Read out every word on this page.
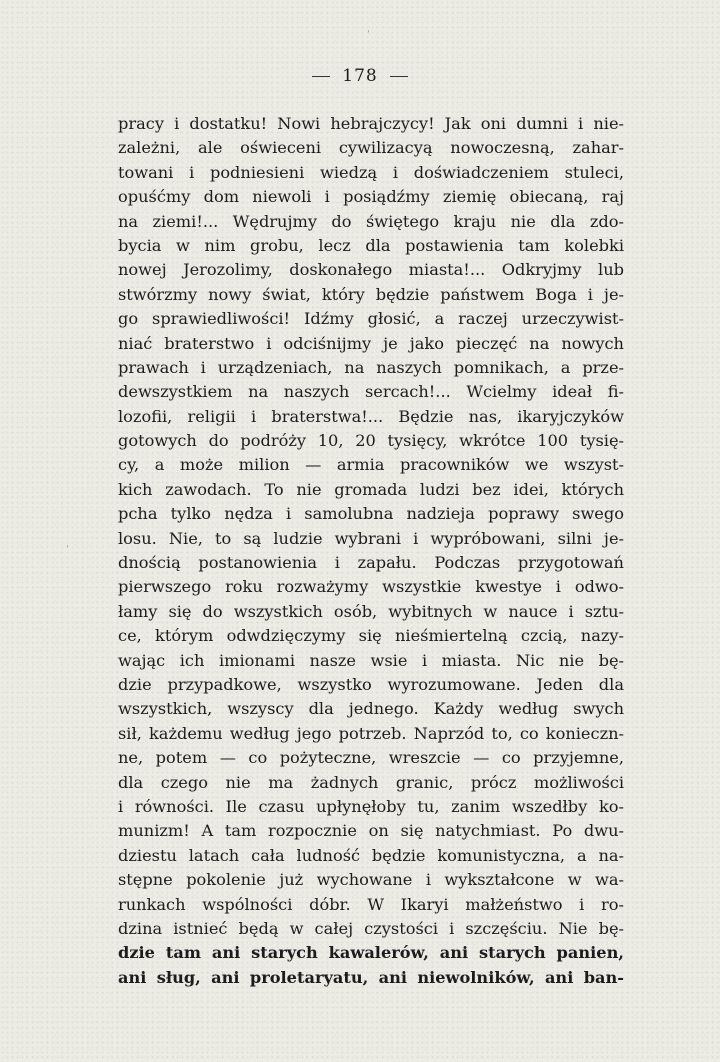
178
pracy i dostatku! Nowi hebrajczycy! Jak oni dumni i nie-
zależni, ale oświeceni cywilizacyą nowoczesną, zahar-
towani i podniesieni wiedzą i doświadczeniem stuleci,
opuśćmy dom niewoli i posiądźmy ziemię obiecaną, raj
na ziemi!... Wędrujmy do świętego kraju nie dla zdo-
bycia w nim grobu, lecz dla postawienia tam kolebki
nowej Jerozolimy, doskonałego miasta!... Odkryjmy lub
stwórzmy nowy świat, który będzie państwem Boga i je-
go sprawiedliwości! Idźmy głosić, a raczej urzeczywist-
niać braterstwo i odciśnijmy je jako pieczęć na nowych
prawach i urządzeniach, na naszych pomnikach, a prze-
dewszystkiem na naszych sercach!... Wcielmy ideał fi-
lozofii, religii i braterstwa!... Będzie nas, ikaryjczyków
gotowych do podróży 10, 20 tysięcy, wkrótce 100 tysię-
cy, a może milion — armia pracowników we wszyst-
kich zawodach. To nie gromada ludzi bez idei, których
pcha tylko nędza i samolubna nadzieja poprawy swego
losu. Nie, to są ludzie wybrani i wypróbowani, silni je-
dnością postanowienia i zapału. Podczas przygotowań
pierwszego roku rozważymy wszystkie kwestye i odwo-
łamy się do wszystkich osób, wybitnych w nauce i sztu-
ce, którym odwdzięczymy się nieśmiertelną czcią, nazy-
wając ich imionami nasze wsie i miasta. Nic nie bę-
dzie przypadkowe, wszystko wyrozumowane. Jeden dla
wszystkich, wszyscy dla jednego. Każdy według swych
sił, każdemu według jego potrzeb. Naprzód to, co konieczn-
ne, potem — co pożyteczne, wreszcie — co przyjemne,
dla czego nie ma żadnych granic, prócz możliwości
i równości. Ile czasu upłynęłoby tu, zanim wszedłby ko-
munizm! A tam rozpocznie on się natychmiast. Po dwu-
dziestu latach cała ludność będzie komunistyczna, a na-
stępne pokolenie już wychowane i wykształcone w wa-
runkach wspólności dóbr. W Ikaryi małżeństwo i ro-
dzina istnieć będą w całej czystości i szczęściu. Nie bę-
dzie tam ani starych kawalerów, ani starych panien,
ani sług, ani proletaryatu, ani niewolników, ani ban-
ˈ
ˌ
